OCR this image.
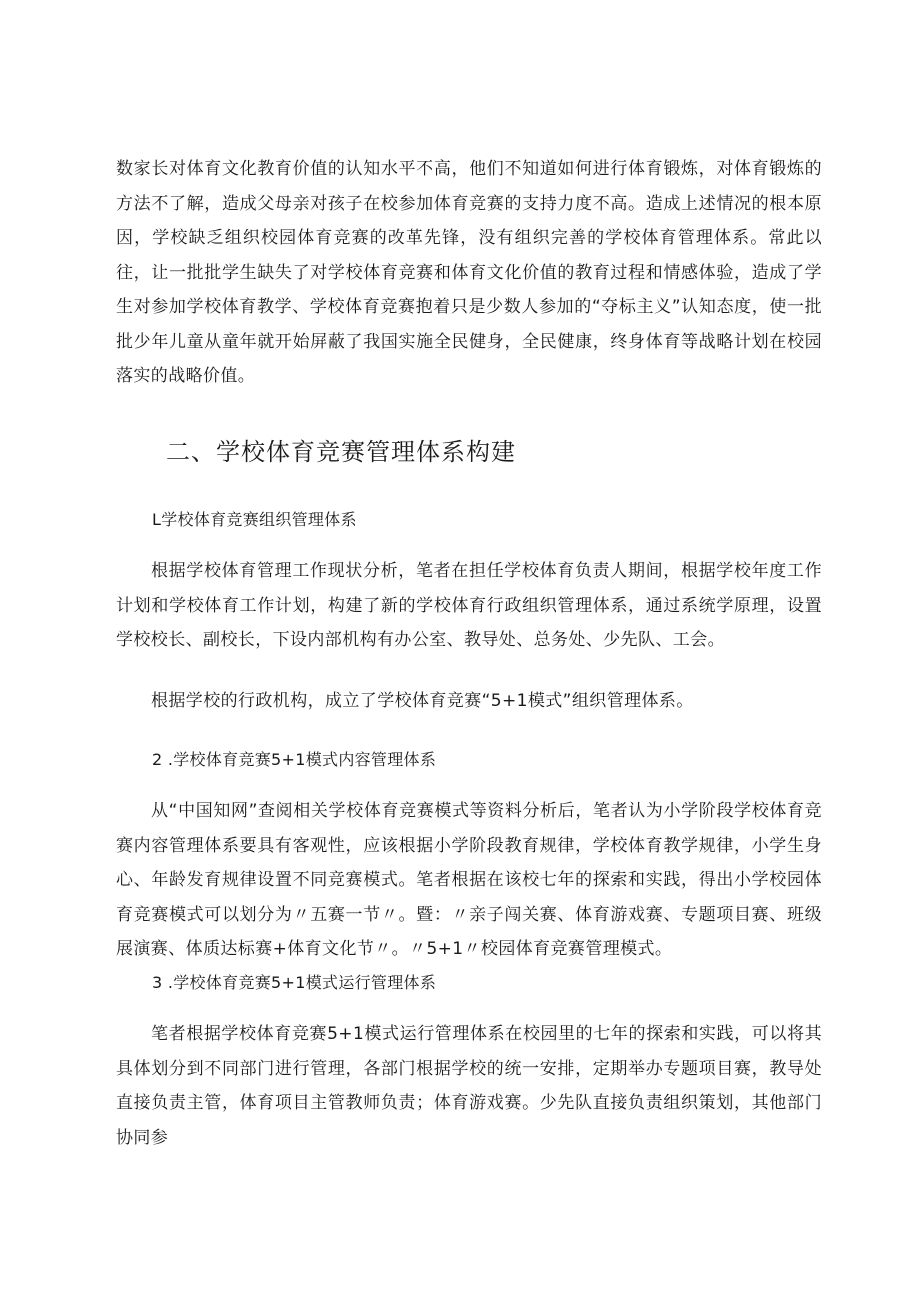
数家长对体育文化教育价值的认知水平不高，他们不知道如何进行体育锻炼，对体育锻炼的方法不了解，造成父母亲对孩子在校参加体育竞赛的支持力度不高。造成上述情况的根本原因，学校缺乏组织校园体育竞赛的改革先锋，没有组织完善的学校体育管理体系。常此以往，让一批批学生缺失了对学校体育竞赛和体育文化价值的教育过程和情感体验，造成了学生对参加学校体育教学、学校体育竞赛抱着只是少数人参加的“夺标主义”认知态度，使一批批少年儿童从童年就开始屏蔽了我国实施全民健身，全民健康，终身体育等战略计划在校园落实的战略价值。

二、学校体育竞赛管理体系构建

L学校体育竞赛组织管理体系

根据学校体育管理工作现状分析，笔者在担任学校体育负责人期间，根据学校年度工作计划和学校体育工作计划，构建了新的学校体育行政组织管理体系，通过系统学原理，设置学校校长、副校长，下设内部机构有办公室、教导处、总务处、少先队、工会。

根据学校的行政机构，成立了学校体育竞赛“5+1模式”组织管理体系。

2 .学校体育竞赛5+1模式内容管理体系

从“中国知网”查阅相关学校体育竞赛模式等资料分析后，笔者认为小学阶段学校体育竞赛内容管理体系要具有客观性，应该根据小学阶段教育规律，学校体育教学规律，小学生身心、年龄发育规律设置不同竞赛模式。笔者根据在该校七年的探索和实践，得出小学校园体育竞赛模式可以划分为〃五赛一节〃。暨：〃亲子闯关赛、体育游戏赛、专题项目赛、班级展演赛、体质达标赛+体育文化节〃。〃5+1〃校园体育竞赛管理模式。

3 .学校体育竞赛5+1模式运行管理体系

笔者根据学校体育竞赛5+1模式运行管理体系在校园里的七年的探索和实践，可以将其具体划分到不同部门进行管理，各部门根据学校的统一安排，定期举办专题项目赛，教导处直接负责主管，体育项目主管教师负责；体育游戏赛。少先队直接负责组织策划，其他部门协同参
